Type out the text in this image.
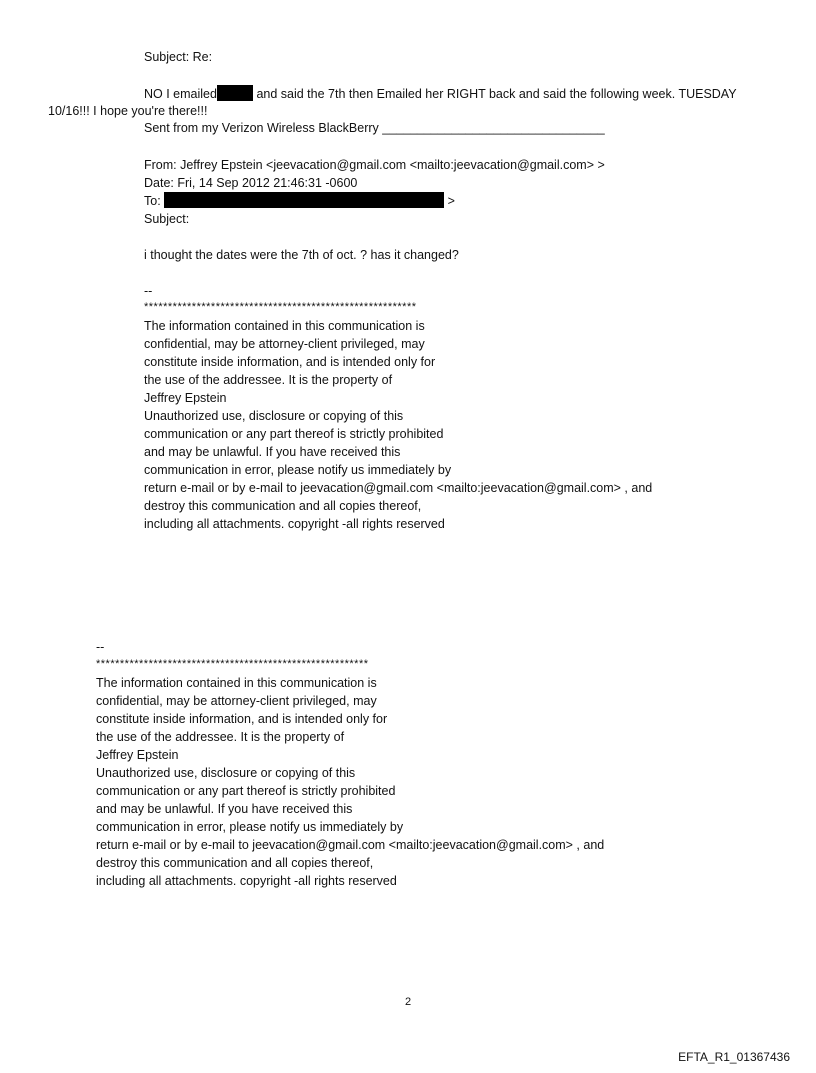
Subject: Re:
NO I emailed	and said the 7th then Emailed her RIGHT back and said the following week. TUESDAY
10/16!!! I hope you're there!!!
Sent from my Verizon Wireless BlackBerry ________________________________
From: Jeffrey Epstein <jeevacation@gmail.com <mailto:jeevacation@gmail.com> >
Date: Fri, 14 Sep 2012 21:46:31 -0600
To:	>
Subject:
i thought the dates were the 7th of oct. ? has it changed?
--
*********************************************************
The information contained in this communication is
confidential, may be attorney-client privileged, may
constitute inside information, and is intended only for
the use of the addressee. It is the property of
Jeffrey Epstein
Unauthorized use, disclosure or copying of this
communication or any part thereof is strictly prohibited
and may be unlawful. If you have received this
communication in error, please notify us immediately by
return e-mail or by e-mail to jeevacation@gmail.com <mailto:jeevacation@gmail.com> , and
destroy this communication and all copies thereof,
including all attachments. copyright -all rights reserved
--
*********************************************************
The information contained in this communication is
confidential, may be attorney-client privileged, may
constitute inside information, and is intended only for
the use of the addressee. It is the property of
Jeffrey Epstein
Unauthorized use, disclosure or copying of this
communication or any part thereof is strictly prohibited
and may be unlawful. If you have received this
communication in error, please notify us immediately by
return e-mail or by e-mail to jeevacation@gmail.com <mailto:jeevacation@gmail.com> , and
destroy this communication and all copies thereof,
including all attachments. copyright -all rights reserved
2
EFTA_R1_01367436
